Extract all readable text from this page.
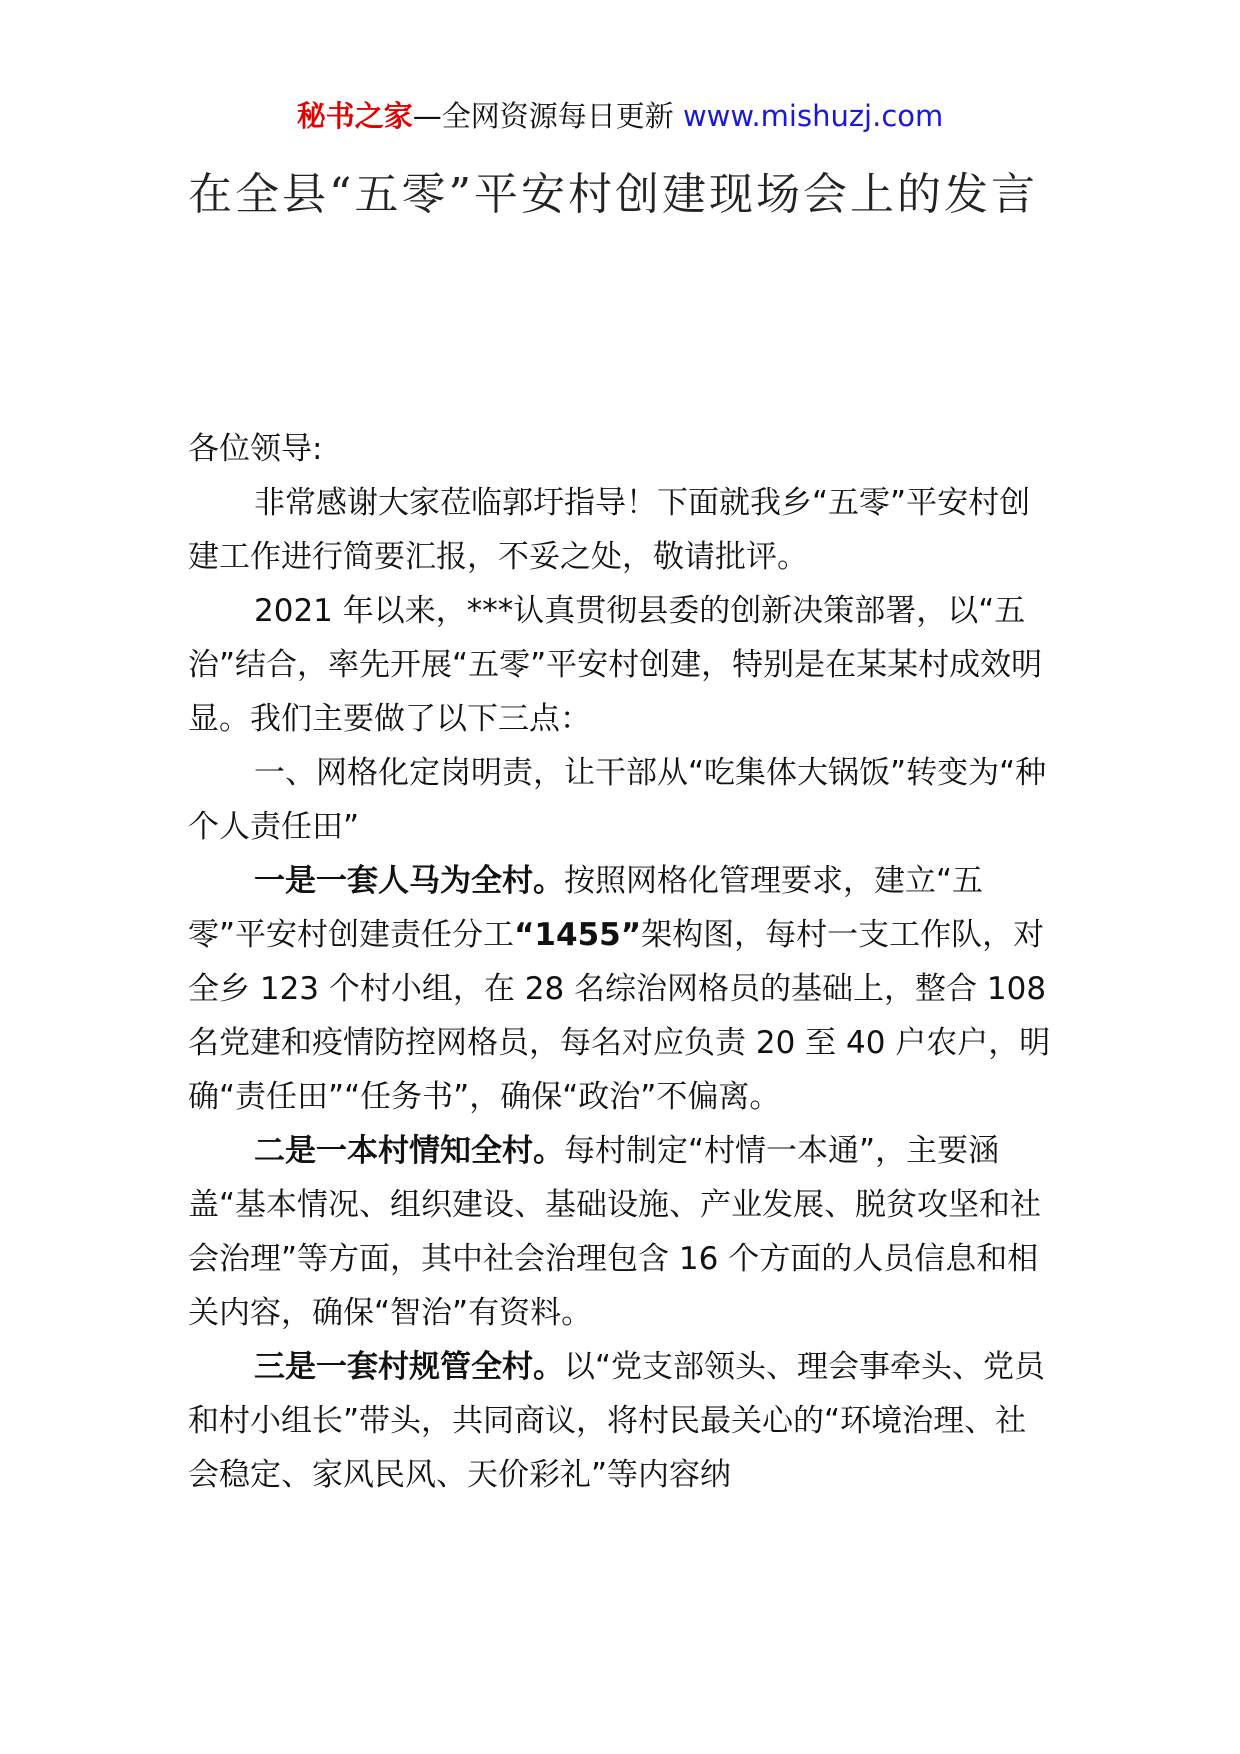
秘书之家—全网资源每日更新 www.mishuzj.com
在全县“五零”平安村创建现场会上的发言

各位领导:

非常感谢大家莅临郭圩指导！下面就我乡“五零”平安村创建工作进行简要汇报，不妥之处，敬请批评。

2021 年以来，***认真贯彻县委的创新决策部署，以“五治”结合，率先开展“五零”平安村创建，特别是在某某村成效明显。我们主要做了以下三点：

一、网格化定岗明责，让干部从“吃集体大锅饭”转变为“种个人责任田”

一是一套人马为全村。按照网格化管理要求，建立“五零”平安村创建责任分工“1455”架构图，每村一支工作队，对全乡 123 个村小组，在 28 名综治网格员的基础上，整合 108 名党建和疫情防控网格员，每名对应负责 20 至 40 户农户，明确“责任田”“任务书”，确保“政治”不偏离。

二是一本村情知全村。每村制定“村情一本通”，主要涵盖“基本情况、组织建设、基础设施、产业发展、脱贫攻坚和社会治理”等方面，其中社会治理包含 16 个方面的人员信息和相关内容，确保“智治”有资料。

三是一套村规管全村。以“党支部领头、理会事牵头、党员和村小组长”带头，共同商议，将村民最关心的“环境治理、社会稳定、家风民风、天价彩礼”等内容纳
